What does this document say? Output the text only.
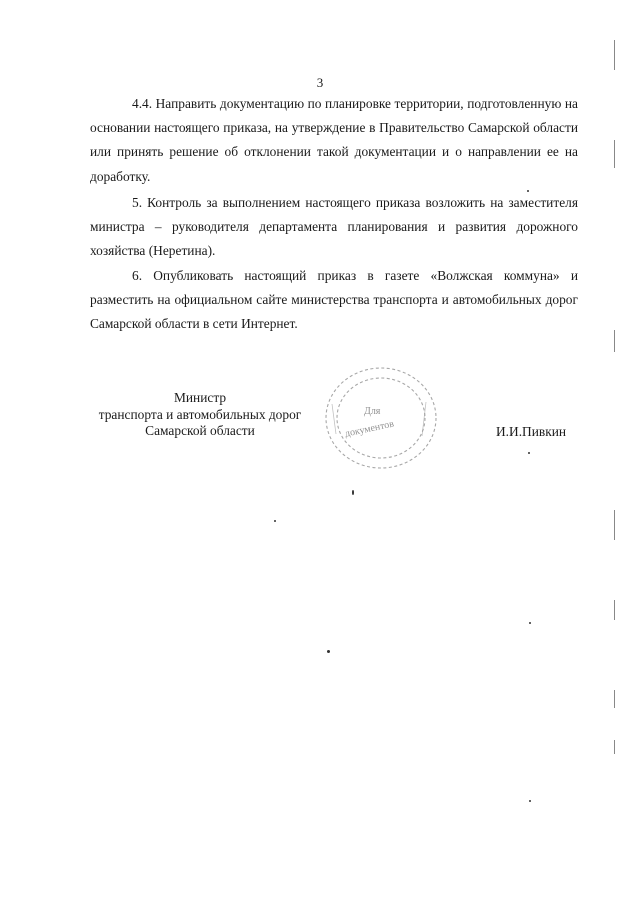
3

4.4. Направить документацию по планировке территории, подготовленную на основании настоящего приказа, на утверждение в Правительство Самарской области или принять решение об отклонении такой документации и о направлении ее на доработку.

5. Контроль за выполнением настоящего приказа возложить на заместителя министра – руководителя департамента планирования и развития дорожного хозяйства (Неретина).

6. Опубликовать настоящий приказ в газете «Волжская коммуна» и разместить на официальном сайте министерства транспорта и автомобильных дорог Самарской области в сети Интернет.

Министр
транспорта и автомобильных дорог
Самарской области
Для
документов	И.И.Пивкин
